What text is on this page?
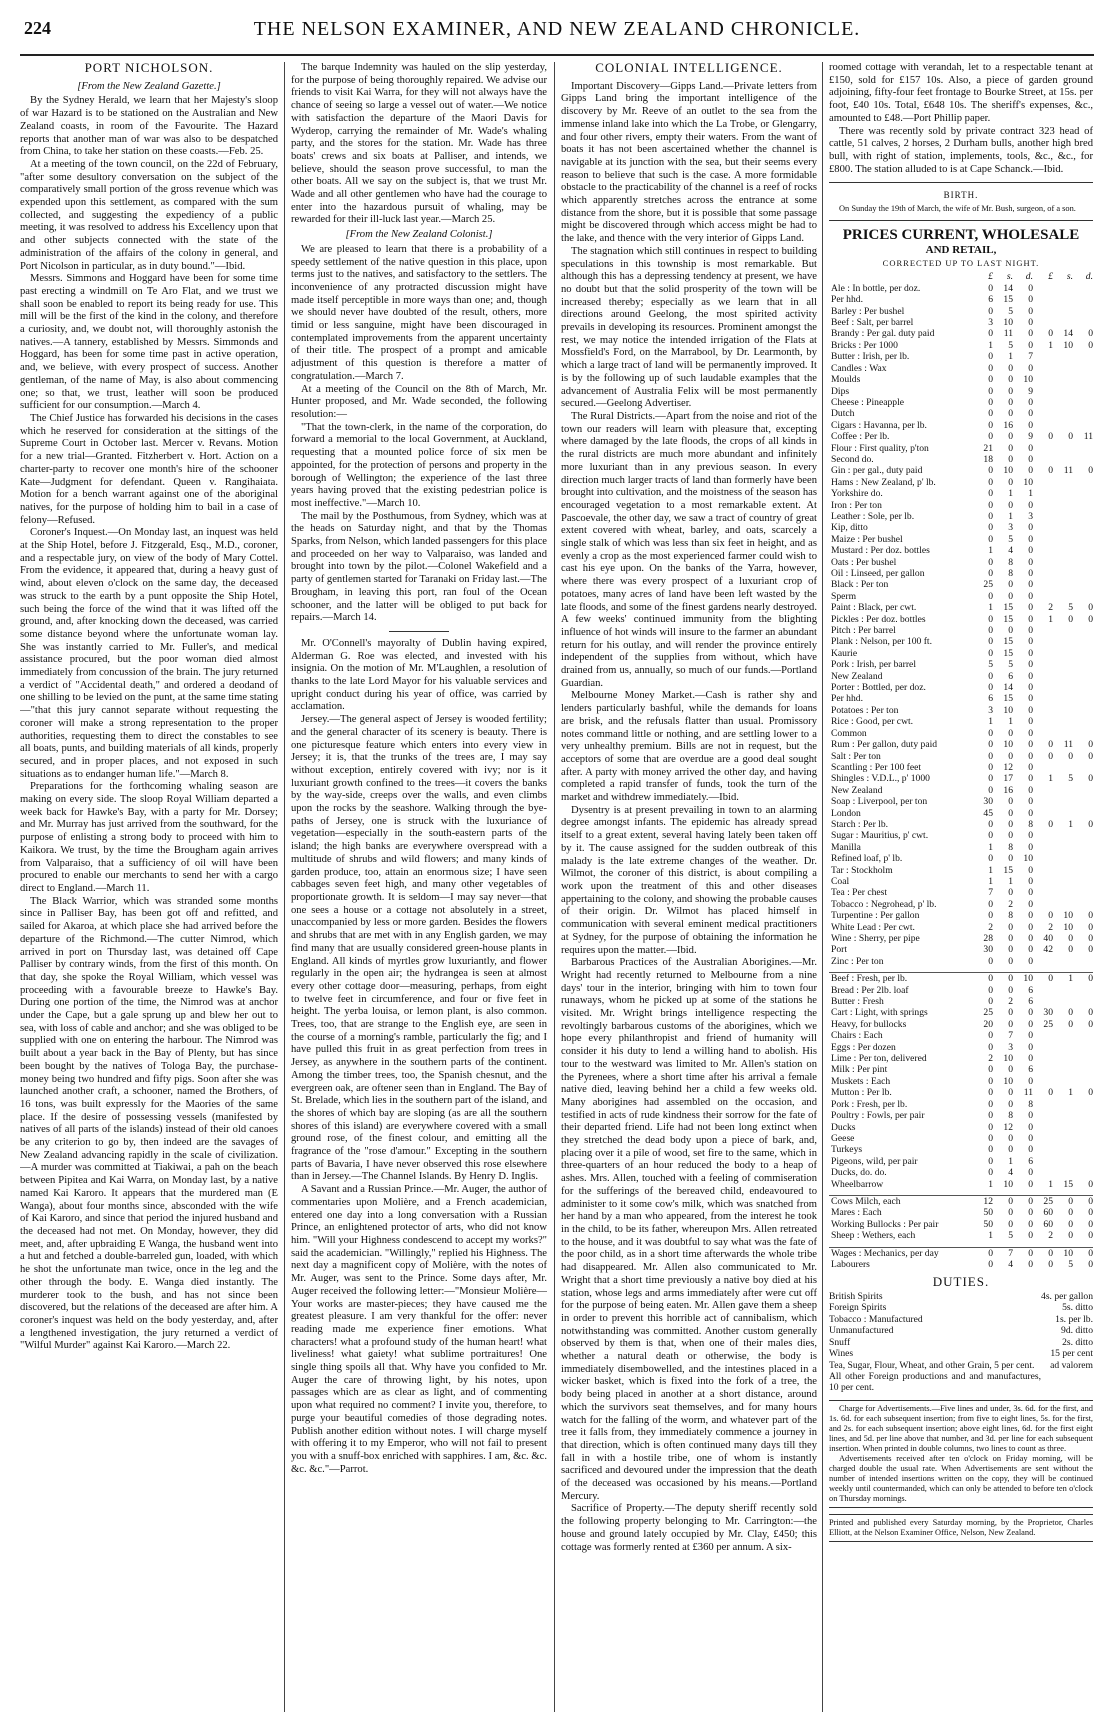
224	THE NELSON EXAMINER, AND NEW ZEALAND CHRONICLE.
PORT NICHOLSON.
[From the New Zealand Gazette.]

By the Sydney Herald, we learn that her Majesty's sloop of war Hazard is to be stationed on the Australian and New Zealand coasts, in room of the Favourite. The Hazard reports that another man of war was also to be despatched from China, to take her station on these coasts.—Feb. 25.

At a meeting of the town council, on the 22d of February, "after some desultory conversation on the subject of the comparatively small portion of the gross revenue which was expended upon this settlement, as compared with the sum collected, and suggesting the expediency of a public meeting, it was resolved to address his Excellency upon that and other subjects connected with the state of the administration of the affairs of the colony in general, and Port Nicolson in particular, as in duty bound."—Ibid.

Messrs. Simmons and Hoggard have been for some time past erecting a windmill on Te Aro Flat, and we trust we shall soon be enabled to report its being ready for use. This mill will be the first of the kind in the colony, and therefore a curiosity, and, we doubt not, will thoroughly astonish the natives.—A tannery, established by Messrs. Simmonds and Hoggard, has been for some time past in active operation, and, we believe, with every prospect of success. Another gentleman, of the name of May, is also about commencing one; so that, we trust, leather will soon be produced sufficient for our consumption.—March 4.

The Chief Justice has forwarded his decisions in the cases which he reserved for consideration at the sittings of the Supreme Court in October last. Mercer v. Revans. Motion for a new trial—Granted. Fitzherbert v. Hort. Action on a charter-party to recover one month's hire of the schooner Kate—Judgment for defendant. Queen v. Rangihaiata. Motion for a bench warrant against one of the aboriginal natives, for the purpose of holding him to bail in a case of felony—Refused.

Coroner's Inquest.—On Monday last, an inquest was held at the Ship Hotel, before J. Fitzgerald, Esq., M.D., coroner, and a respectable jury, on view of the body of Mary Cottel. From the evidence, it appeared that, during a heavy gust of wind, about eleven o'clock on the same day, the deceased was struck to the earth by a punt opposite the Ship Hotel, such being the force of the wind that it was lifted off the ground, and, after knocking down the deceased, was carried some distance beyond where the unfortunate woman lay. She was instantly carried to Mr. Fuller's, and medical assistance procured, but the poor woman died almost immediately from concussion of the brain. The jury returned a verdict of "Accidental death," and ordered a deodand of one shilling to be levied on the punt, at the same time stating—"that this jury cannot separate without requesting the coroner will make a strong representation to the proper authorities, requesting them to direct the constables to see all boats, punts, and building materials of all kinds, properly secured, and in proper places, and not exposed in such situations as to endanger human life."—March 8.

Preparations for the forthcoming whaling season are making on every side. The sloop Royal William departed a week back for Hawke's Bay, with a party for Mr. Dorsey; and Mr. Murray has just arrived from the southward, for the purpose of enlisting a strong body to proceed with him to Kaikora. We trust, by the time the Brougham again arrives from Valparaiso, that a sufficiency of oil will have been procured to enable our merchants to send her with a cargo direct to England.—March 11.

The Black Warrior, which was stranded some months since in Palliser Bay, has been got off and refitted, and sailed for Akaroa, at which place she had arrived before the departure of the Richmond.—The cutter Nimrod, which arrived in port on Thursday last, was detained off Cape Palliser by contrary winds, from the first of this month. On that day, she spoke the Royal William, which vessel was proceeding with a favourable breeze to Hawke's Bay. During one portion of the time, the Nimrod was at anchor under the Cape, but a gale sprung up and blew her out to sea, with loss of cable and anchor; and she was obliged to be supplied with one on entering the harbour. The Nimrod was built about a year back in the Bay of Plenty, but has since been bought by the natives of Tologa Bay, the purchase-money being two hundred and fifty pigs. Soon after she was launched another craft, a schooner, named the Brothers, of 16 tons, was built expressly for the Maories of the same place. If the desire of possessing vessels (manifested by natives of all parts of the islands) instead of their old canoes be any criterion to go by, then indeed are the savages of New Zealand advancing rapidly in the scale of civilization.—A murder was committed at Tiakiwai, a pah on the beach between Pipitea and Kai Warra, on Monday last, by a native named Kai Karoro. It appears that the murdered man (E Wanga), about four months since, absconded with the wife of Kai Karoro, and since that period the injured husband and the deceased had not met. On Monday, however, they did meet, and, after upbraiding E Wanga, the husband went into a hut and fetched a double-barreled gun, loaded, with which he shot the unfortunate man twice, once in the leg and the other through the body. E. Wanga died instantly. The murderer took to the bush, and has not since been discovered, but the relations of the deceased are after him. A coroner's inquest was held on the body yesterday, and, after a lengthened investigation, the jury returned a verdict of "Wilful Murder" against Kai Karoro.—March 22.

The barque Indemnity was hauled on the slip yesterday, for the purpose of being thoroughly repaired. We advise our friends to visit Kai Warra, for they will not always have the chance of seeing so large a vessel out of water.—We notice with satisfaction the departure of the Maori Davis for Wyderop, carrying the remainder of Mr. Wade's whaling party, and the stores for the station. Mr. Wade has three boats' crews and six boats at Palliser, and intends, we believe, should the season prove successful, to man the other boats. All we say on the subject is, that we trust Mr. Wade and all other gentlemen who have had the courage to enter into the hazardous pursuit of whaling, may be rewarded for their ill-luck last year.—March 25.

[From the New Zealand Colonist.]

We are pleased to learn that there is a probability of a speedy settlement of the native question in this place, upon terms just to the natives, and satisfactory to the settlers. The inconvenience of any protracted discussion might have made itself perceptible in more ways than one; and, though we should never have doubted of the result, others, more timid or less sanguine, might have been discouraged in contemplated improvements from the apparent uncertainty of their title. The prospect of a prompt and amicable adjustment of this question is therefore a matter of congratulation.—March 7.

At a meeting of the Council on the 8th of March, Mr. Hunter proposed, and Mr. Wade seconded, the following resolution:—

"That the town-clerk, in the name of the corporation, do forward a memorial to the local Government, at Auckland, requesting that a mounted police force of six men be appointed, for the protection of persons and property in the borough of Wellington; the experience of the last three years having proved that the existing pedestrian police is most ineffective."—March 10.

The mail by the Posthumous, from Sydney, which was at the heads on Saturday night, and that by the Thomas Sparks, from Nelson, which landed passengers for this place and proceeded on her way to Valparaiso, was landed and brought into town by the pilot.—Colonel Wakefield and a party of gentlemen started for Taranaki on Friday last.—The Brougham, in leaving this port, ran foul of the Ocean schooner, and the latter will be obliged to put back for repairs.—March 14.

Mr. O'Connell's mayoralty of Dublin having expired, Alderman G. Roe was elected, and invested with his insignia. On the motion of Mr. M'Laughlen, a resolution of thanks to the late Lord Mayor for his valuable services and upright conduct during his year of office, was carried by acclamation.

Jersey.—The general aspect of Jersey is wooded fertility; and the general character of its scenery is beauty. There is one picturesque feature which enters into every view in Jersey; it is, that the trunks of the trees are, I may say without exception, entirely covered with ivy; nor is it luxuriant growth confined to the trees—it covers the banks by the way-side, creeps over the walls, and even climbs upon the rocks by the seashore. Walking through the bye-paths of Jersey, one is struck with the luxuriance of vegetation—especially in the south-eastern parts of the island; the high banks are everywhere overspread with a multitude of shrubs and wild flowers; and many kinds of garden produce, too, attain an enormous size; I have seen cabbages seven feet high, and many other vegetables of proportionate growth. It is seldom—I may say never—that one sees a house or a cottage not absolutely in a street, unaccompanied by less or more garden. Besides the flowers and shrubs that are met with in any English garden, we may find many that are usually considered green-house plants in England. All kinds of myrtles grow luxuriantly, and flower regularly in the open air; the hydrangea is seen at almost every other cottage door—measuring, perhaps, from eight to twelve feet in circumference, and four or five feet in height. The yerba louisa, or lemon plant, is also common. Trees, too, that are strange to the English eye, are seen in the course of a morning's ramble, particularly the fig; and I have pulled this fruit in as great perfection from trees in Jersey, as anywhere in the southern parts of the continent. Among the timber trees, too, the Spanish chesnut, and the evergreen oak, are oftener seen than in England. The Bay of St. Brelade, which lies in the southern part of the island, and the shores of which bay are sloping (as are all the southern shores of this island) are everywhere covered with a small ground rose, of the finest colour, and emitting all the fragrance of the "rose d'amour." Excepting in the southern parts of Bavaria, I have never observed this rose elsewhere than in Jersey.—The Channel Islands. By Henry D. Inglis.

A Savant and a Russian Prince.—Mr. Auger, the author of commentaries upon Molière, and a French academician, entered one day into a long conversation with a Russian Prince, an enlightened protector of arts, who did not know him. "Will your Highness condescend to accept my works?" said the academician. "Willingly," replied his Highness. The next day a magnificent copy of Molière, with the notes of Mr. Auger, was sent to the Prince. Some days after, Mr. Auger received the following letter:—"Monsieur Molière—Your works are master-pieces; they have caused me the greatest pleasure. I am very thankful for the offer: never reading made me experience finer emotions. What characters! what a profound study of the human heart! what liveliness! what gaiety! what sublime portraitures! One single thing spoils all that. Why have you confided to Mr. Auger the care of throwing light, by his notes, upon passages which are as clear as light, and of commenting upon what required no comment? I invite you, therefore, to purge your beautiful comedies of those degrading notes. Publish another edition without notes. I will charge myself with offering it to my Emperor, who will not fail to present you with a snuff-box enriched with sapphires. I am, &c. &c. &c. &c."—Parrot.

COLONIAL INTELLIGENCE.

Important Discovery—Gipps Land.—Private letters from Gipps Land bring the important intelligence of the discovery by Mr. Reeve of an outlet to the sea from the immense inland lake into which the La Trobe, or Glengarry, and four other rivers, empty their waters. From the want of boats it has not been ascertained whether the channel is navigable at its junction with the sea, but their seems every reason to believe that such is the case. A more formidable obstacle to the practicability of the channel is a reef of rocks which apparently stretches across the entrance at some distance from the shore, but it is possible that some passage might be discovered through which access might be had to the lake, and thence with the very interior of Gipps Land.

The stagnation which still continues in respect to building speculations in this township is most remarkable. But although this has a depressing tendency at present, we have no doubt but that the solid prosperity of the town will be increased thereby; especially as we learn that in all directions around Geelong, the most spirited activity prevails in developing its resources. Prominent amongst the rest, we may notice the intended irrigation of the Flats at Mossfield's Ford, on the Marrabool, by Dr. Learmonth, by which a large tract of land will be permanently improved. It is by the following up of such laudable examples that the advancement of Australia Felix will be most permanently secured.—Geelong Advertiser.

The Rural Districts.—Apart from the noise and riot of the town our readers will learn with pleasure that, excepting where damaged by the late floods, the crops of all kinds in the rural districts are much more abundant and infinitely more luxuriant than in any previous season. In every direction much larger tracts of land than formerly have been brought into cultivation, and the moistness of the season has encouraged vegetation to a most remarkable extent. At Pascoevale, the other day, we saw a tract of country of great extent covered with wheat, barley, and oats, scarcely a single stalk of which was less than six feet in height, and as evenly a crop as the most experienced farmer could wish to cast his eye upon. On the banks of the Yarra, however, where there was every prospect of a luxuriant crop of potatoes, many acres of land have been left wasted by the late floods, and some of the finest gardens nearly destroyed. A few weeks' continued immunity from the blighting influence of hot winds will insure to the farmer an abundant return for his outlay, and will render the province entirely independent of the supplies from without, which have drained from us, annually, so much of our funds.—Portland Guardian.

Melbourne Money Market.—Cash is rather shy and lenders particularly bashful, while the demands for loans are brisk, and the refusals flatter than usual. Promissory notes command little or nothing, and are settling lower to a very unhealthy premium. Bills are not in request, but the acceptors of some that are overdue are a good deal sought after. A party with money arrived the other day, and having completed a rapid transfer of funds, took the turn of the market and withdrew immediately.—Ibid.

Dysentry is at present prevailing in town to an alarming degree amongst infants. The epidemic has already spread itself to a great extent, several having lately been taken off by it. The cause assigned for the sudden outbreak of this malady is the late extreme changes of the weather. Dr. Wilmot, the coroner of this district, is about compiling a work upon the treatment of this and other diseases appertaining to the colony, and showing the probable causes of their origin. Dr. Wilmot has placed himself in communication with several eminent medical practitioners at Sydney, for the purpose of obtaining the information he requires upon the matter.—Ibid.

Barbarous Practices of the Australian Aborigines.—Mr. Wright had recently returned to Melbourne from a nine days' tour in the interior, bringing with him to town four runaways, whom he picked up at some of the stations he visited. Mr. Wright brings intelligence respecting the revoltingly barbarous customs of the aborigines, which we hope every philanthropist and friend of humanity will consider it his duty to lend a willing hand to abolish. His tour to the westward was limited to Mr. Allen's station on the Pyrenees, where a short time after his arrival a female native died, leaving behind her a child a few weeks old. Many aborigines had assembled on the occasion, and testified in acts of rude kindness their sorrow for the fate of their departed friend. Life had not been long extinct when they stretched the dead body upon a piece of bark, and, placing over it a pile of wood, set fire to the same, which in three-quarters of an hour reduced the body to a heap of ashes. Mrs. Allen, touched with a feeling of commiseration for the sufferings of the bereaved child, endeavoured to administer to it some cow's milk, which was snatched from her hand by a man who appeared, from the interest he took in the child, to be its father, whereupon Mrs. Allen retreated to the house, and it was doubtful to say what was the fate of the poor child, as in a short time afterwards the whole tribe had disappeared. Mr. Allen also communicated to Mr. Wright that a short time previously a native boy died at his station, whose legs and arms immediately after were cut off for the purpose of being eaten. Mr. Allen gave them a sheep in order to prevent this horrible act of cannibalism, which notwithstanding was committed. Another custom generally observed by them is that, when one of their males dies, whether a natural death or otherwise, the body is immediately disembowelled, and the intestines placed in a wicker basket, which is fixed into the fork of a tree, the body being placed in another at a short distance, around which the survivors seat themselves, and for many hours watch for the falling of the worm, and whatever part of the tree it falls from, they immediately commence a journey in that direction, which is often continued many days till they fall in with a hostile tribe, one of whom is instantly sacrificed and devoured under the impression that the death of the deceased was occasioned by his means.—Portland Mercury.

Sacrifice of Property.—The deputy sheriff recently sold the following property belonging to Mr. Carrington:—the house and ground lately occupied by Mr. Clay, £450; this cottage was formerly rented at £360 per annum. A six-

roomed cottage with verandah, let to a respectable tenant at £150, sold for £157 10s. Also, a piece of garden ground adjoining, fifty-four feet frontage to Bourke Street, at 15s. per foot, £40 10s. Total, £648 10s. The sheriff's expenses, &c., amounted to £48.—Port Phillip paper.

There was recently sold by private contract 323 head of cattle, 51 calves, 2 horses, 2 Durham bulls, another high bred bull, with right of station, implements, tools, &c., &c., for £800. The station alluded to is at Cape Schanck.—Ibid.

BIRTH.

On Sunday the 19th of March, the wife of Mr. Bush, surgeon, of a son.

PRICES CURRENT, WHOLESALE
AND RETAIL,
CORRECTED UP TO LAST NIGHT.
	£	s.	d.	£	s.	d.
Ale : In bottle, per doz.	0	14	0			
Per hhd.	6	15	0			
Barley : Per bushel	0	5	0			
Beef : Salt, per barrel	3	10	0			
Brandy : Per gal. duty paid	0	11	0	0	14	0
Bricks : Per 1000	1	5	0	1	10	0
Butter : Irish, per lb.	0	1	7			
Candles : Wax	0	0	0			
Moulds	0	0	10			
Dips	0	0	9			
Cheese : Pineapple	0	0	0			
Dutch	0	0	0			
Cigars : Havanna, per lb.	0	16	0			
Coffee : Per lb.	0	0	9	0	0	11
Flour : First quality, p'ton	21	0	0			
Second do.	18	0	0			
Gin : per gal., duty paid	0	10	0	0	11	0
Hams : New Zealand, p' lb.	0	0	10			
Yorkshire do.	0	1	1			
Iron : Per ton	0	0	0			
Leather : Sole, per lb.	0	1	3			
Kip, ditto	0	3	0			
Maize : Per bushel	0	5	0			
Mustard : Per doz. bottles	1	4	0			
Oats : Per bushel	0	8	0			
Oil : Linseed, per gallon	0	8	0			
Black : Per ton	25	0	0			
Sperm	0	0	0			
Paint : Black, per cwt.	1	15	0	2	5	0
Pickles : Per doz. bottles	0	15	0	1	0	0
Pitch : Per barrel	0	0	0			
Plank : Nelson, per 100 ft.	0	15	0			
Kaurie	0	15	0			
Pork : Irish, per barrel	5	5	0			
New Zealand	0	6	0			
Porter : Bottled, per doz.	0	14	0			
Per hhd.	6	15	0			
Potatoes : Per ton	3	10	0			
Rice : Good, per cwt.	1	1	0			
Common	0	0	0			
Rum : Per gallon, duty paid	0	10	0	0	11	0
Salt : Per ton	0	0	0	0	0	0
Scantling : Per 100 feet	0	12	0			
Shingles : V.D.L., p' 1000	0	17	0	1	5	0
New Zealand	0	16	0			
Soap : Liverpool, per ton	30	0	0			
London	45	0	0			
Starch : Per lb.	0	0	8	0	1	0
Sugar : Mauritius, p' cwt.	0	0	0			
Manilla	1	8	0			
Refined loaf, p' lb.	0	0	10			
Tar : Stockholm	1	15	0			
Coal	1	1	0			
Tea : Per chest	7	0	0			
Tobacco : Negrohead, p' lb.	0	2	0			
Turpentine : Per gallon	0	8	0	0	10	0
White Lead : Per cwt.	2	0	0	2	10	0
Wine : Sherry, per pipe	28	0	0	40	0	0
Port	30	0	0	42	0	0
Zinc : Per ton	0	0	0			

Beef : Fresh, per lb.	0	0	10	0	1	0
Bread : Per 2lb. loaf	0	0	6			
Butter : Fresh	0	2	6			
Cart : Light, with springs	25	0	0	30	0	0
Heavy, for bullocks	20	0	0	25	0	0
Chairs : Each	0	7	0			
Eggs : Per dozen	0	3	0			
Lime : Per ton, delivered	2	10	0			
Milk : Per pint	0	0	6			
Muskets : Each	0	10	0			
Mutton : Per lb.	0	0	11	0	1	0
Pork : Fresh, per lb.	0	0	8			
Poultry : Fowls, per pair	0	8	0			
Ducks	0	12	0			
Geese	0	0	0			
Turkeys	0	0	0			
Pigeons, wild, per pair	0	1	6			
Ducks, do. do.	0	4	0			
Wheelbarrow	1	10	0	1	15	0

Cows Milch, each	12	0	0	25	0	0
Mares : Each	50	0	0	60	0	0
Working Bullocks : Per pair	50	0	0	60	0	0
Sheep : Wethers, each	1	5	0	2	0	0

Wages : Mechanics, per day	0	7	0	0	10	0
Labourers	0	4	0	0	5	0
DUTIES.
British Spirits	4s. per gallon
Foreign Spirits	5s. ditto
Tobacco : Manufactured	1s. per lb.
Unmanufactured	9d. ditto
Snuff	2s. ditto
Wines	15 per cent
Tea, Sugar, Flour, Wheat, and other Grain, 5 per cent.	ad valorem
All other Foreign productions and and manufactures, 10 per cent.	

Charge for Advertisements.—Five lines and under, 3s. 6d. for the first, and 1s. 6d. for each subsequent insertion; from five to eight lines, 5s. for the first, and 2s. for each subsequent insertion; above eight lines, 6d. for the first eight lines, and 5d. per line above that number, and 3d. per line for each subsequent insertion. When printed in double columns, two lines to count as three.

Advertisements received after ten o'clock on Friday morning, will be charged double the usual rate. When Advertisements are sent without the number of intended insertions written on the copy, they will be continued weekly until countermanded, which can only be attended to before ten o'clock on Thursday mornings.

Printed and published every Saturday morning, by the Proprietor, Charles Elliott, at the Nelson Examiner Office, Nelson, New Zealand.
